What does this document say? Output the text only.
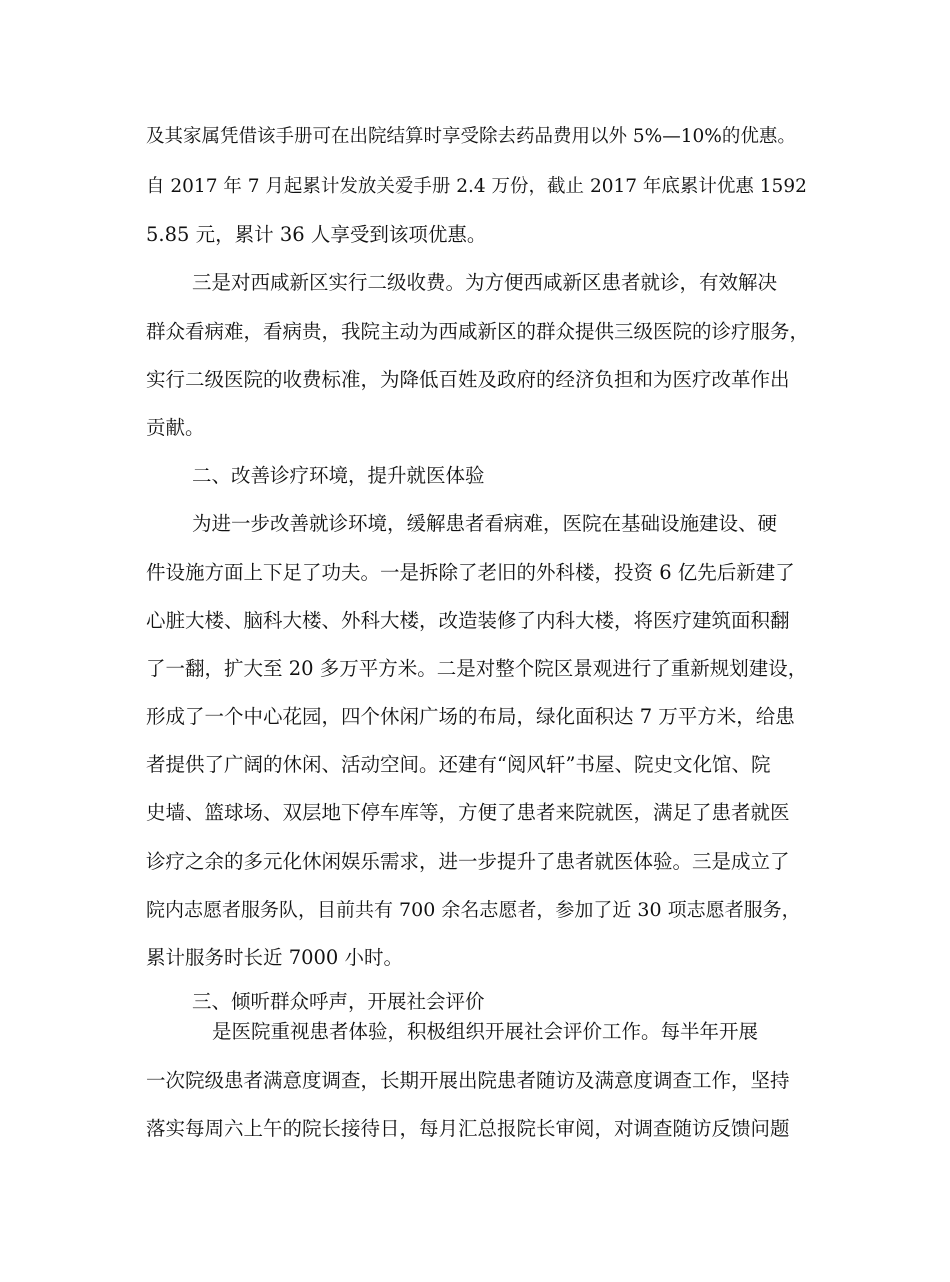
及其家属凭借该手册可在出院结算时享受除去药品费用以外 5%—10%的优惠。
自 2017 年 7 月起累计发放关爱手册 2.4 万份，截止 2017 年底累计优惠 1592
5.85 元，累计 36 人享受到该项优惠。
三是对西咸新区实行二级收费。为方便西咸新区患者就诊，有效解决
群众看病难，看病贵，我院主动为西咸新区的群众提供三级医院的诊疗服务，
实行二级医院的收费标准，为降低百姓及政府的经济负担和为医疗改革作出
贡献。
二、改善诊疗环境，提升就医体验
为进一步改善就诊环境，缓解患者看病难，医院在基础设施建设、硬
件设施方面上下足了功夫。一是拆除了老旧的外科楼，投资 6 亿先后新建了
心脏大楼、脑科大楼、外科大楼，改造装修了内科大楼，将医疗建筑面积翻
了一翻，扩大至 20 多万平方米。二是对整个院区景观进行了重新规划建设，
形成了一个中心花园，四个休闲广场的布局，绿化面积达 7 万平方米，给患
者提供了广阔的休闲、活动空间。还建有“阅风轩”书屋、院史文化馆、院
史墙、篮球场、双层地下停车库等，方便了患者来院就医，满足了患者就医
诊疗之余的多元化休闲娱乐需求，进一步提升了患者就医体验。三是成立了
院内志愿者服务队，目前共有 700 余名志愿者，参加了近 30 项志愿者服务，
累计服务时长近 7000 小时。
三、倾听群众呼声，开展社会评价
是医院重视患者体验，积极组织开展社会评价工作。每半年开展
一次院级患者满意度调查，长期开展出院患者随访及满意度调查工作，坚持
落实每周六上午的院长接待日，每月汇总报院长审阅，对调查随访反馈问题
